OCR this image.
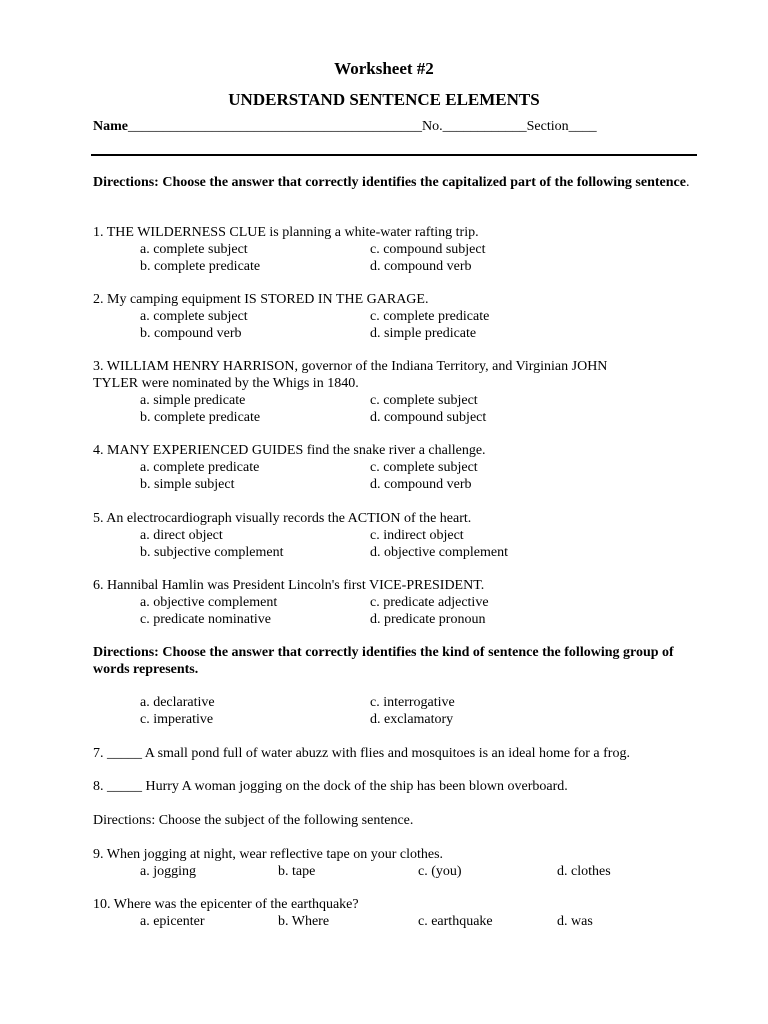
Worksheet #2
UNDERSTAND SENTENCE ELEMENTS
Name__________________________________________No.____________Section____
Directions: Choose the answer that correctly identifies the capitalized part of the following sentence.
1. THE WILDERNESS CLUE is planning a white-water rafting trip.
a. complete subject	c. compound subject
b. complete predicate	d. compound verb
2. My camping equipment IS STORED IN THE GARAGE.
a. complete subject	c. complete predicate
b. compound verb	d. simple predicate
3. WILLIAM HENRY HARRISON, governor of the Indiana Territory, and Virginian JOHN
TYLER were nominated by the Whigs in 1840.
a. simple predicate	c. complete subject
b. complete predicate	d. compound subject
4. MANY EXPERIENCED GUIDES find the snake river a challenge.
a. complete predicate	c. complete subject
b. simple subject	d. compound verb
5. An electrocardiograph visually records the ACTION of the heart.
a. direct object	c. indirect object
b. subjective complement	d. objective complement
6. Hannibal Hamlin was President Lincoln's first VICE-PRESIDENT.
a. objective complement	c. predicate adjective
c. predicate nominative	d. predicate pronoun
Directions: Choose the answer that correctly identifies the kind of sentence the following group of words represents.
a. declarative	c. interrogative
c. imperative	d. exclamatory
7. _____ A small pond full of water abuzz with flies and mosquitoes is an ideal home for a frog.
8. _____ Hurry A woman jogging on the dock of the ship has been blown overboard.
Directions: Choose the subject of the following sentence.
9. When jogging at night, wear reflective tape on your clothes.
a. jogging	b. tape	c. (you)	d. clothes
10. Where was the epicenter of the earthquake?
a. epicenter	b. Where	c. earthquake	d. was
